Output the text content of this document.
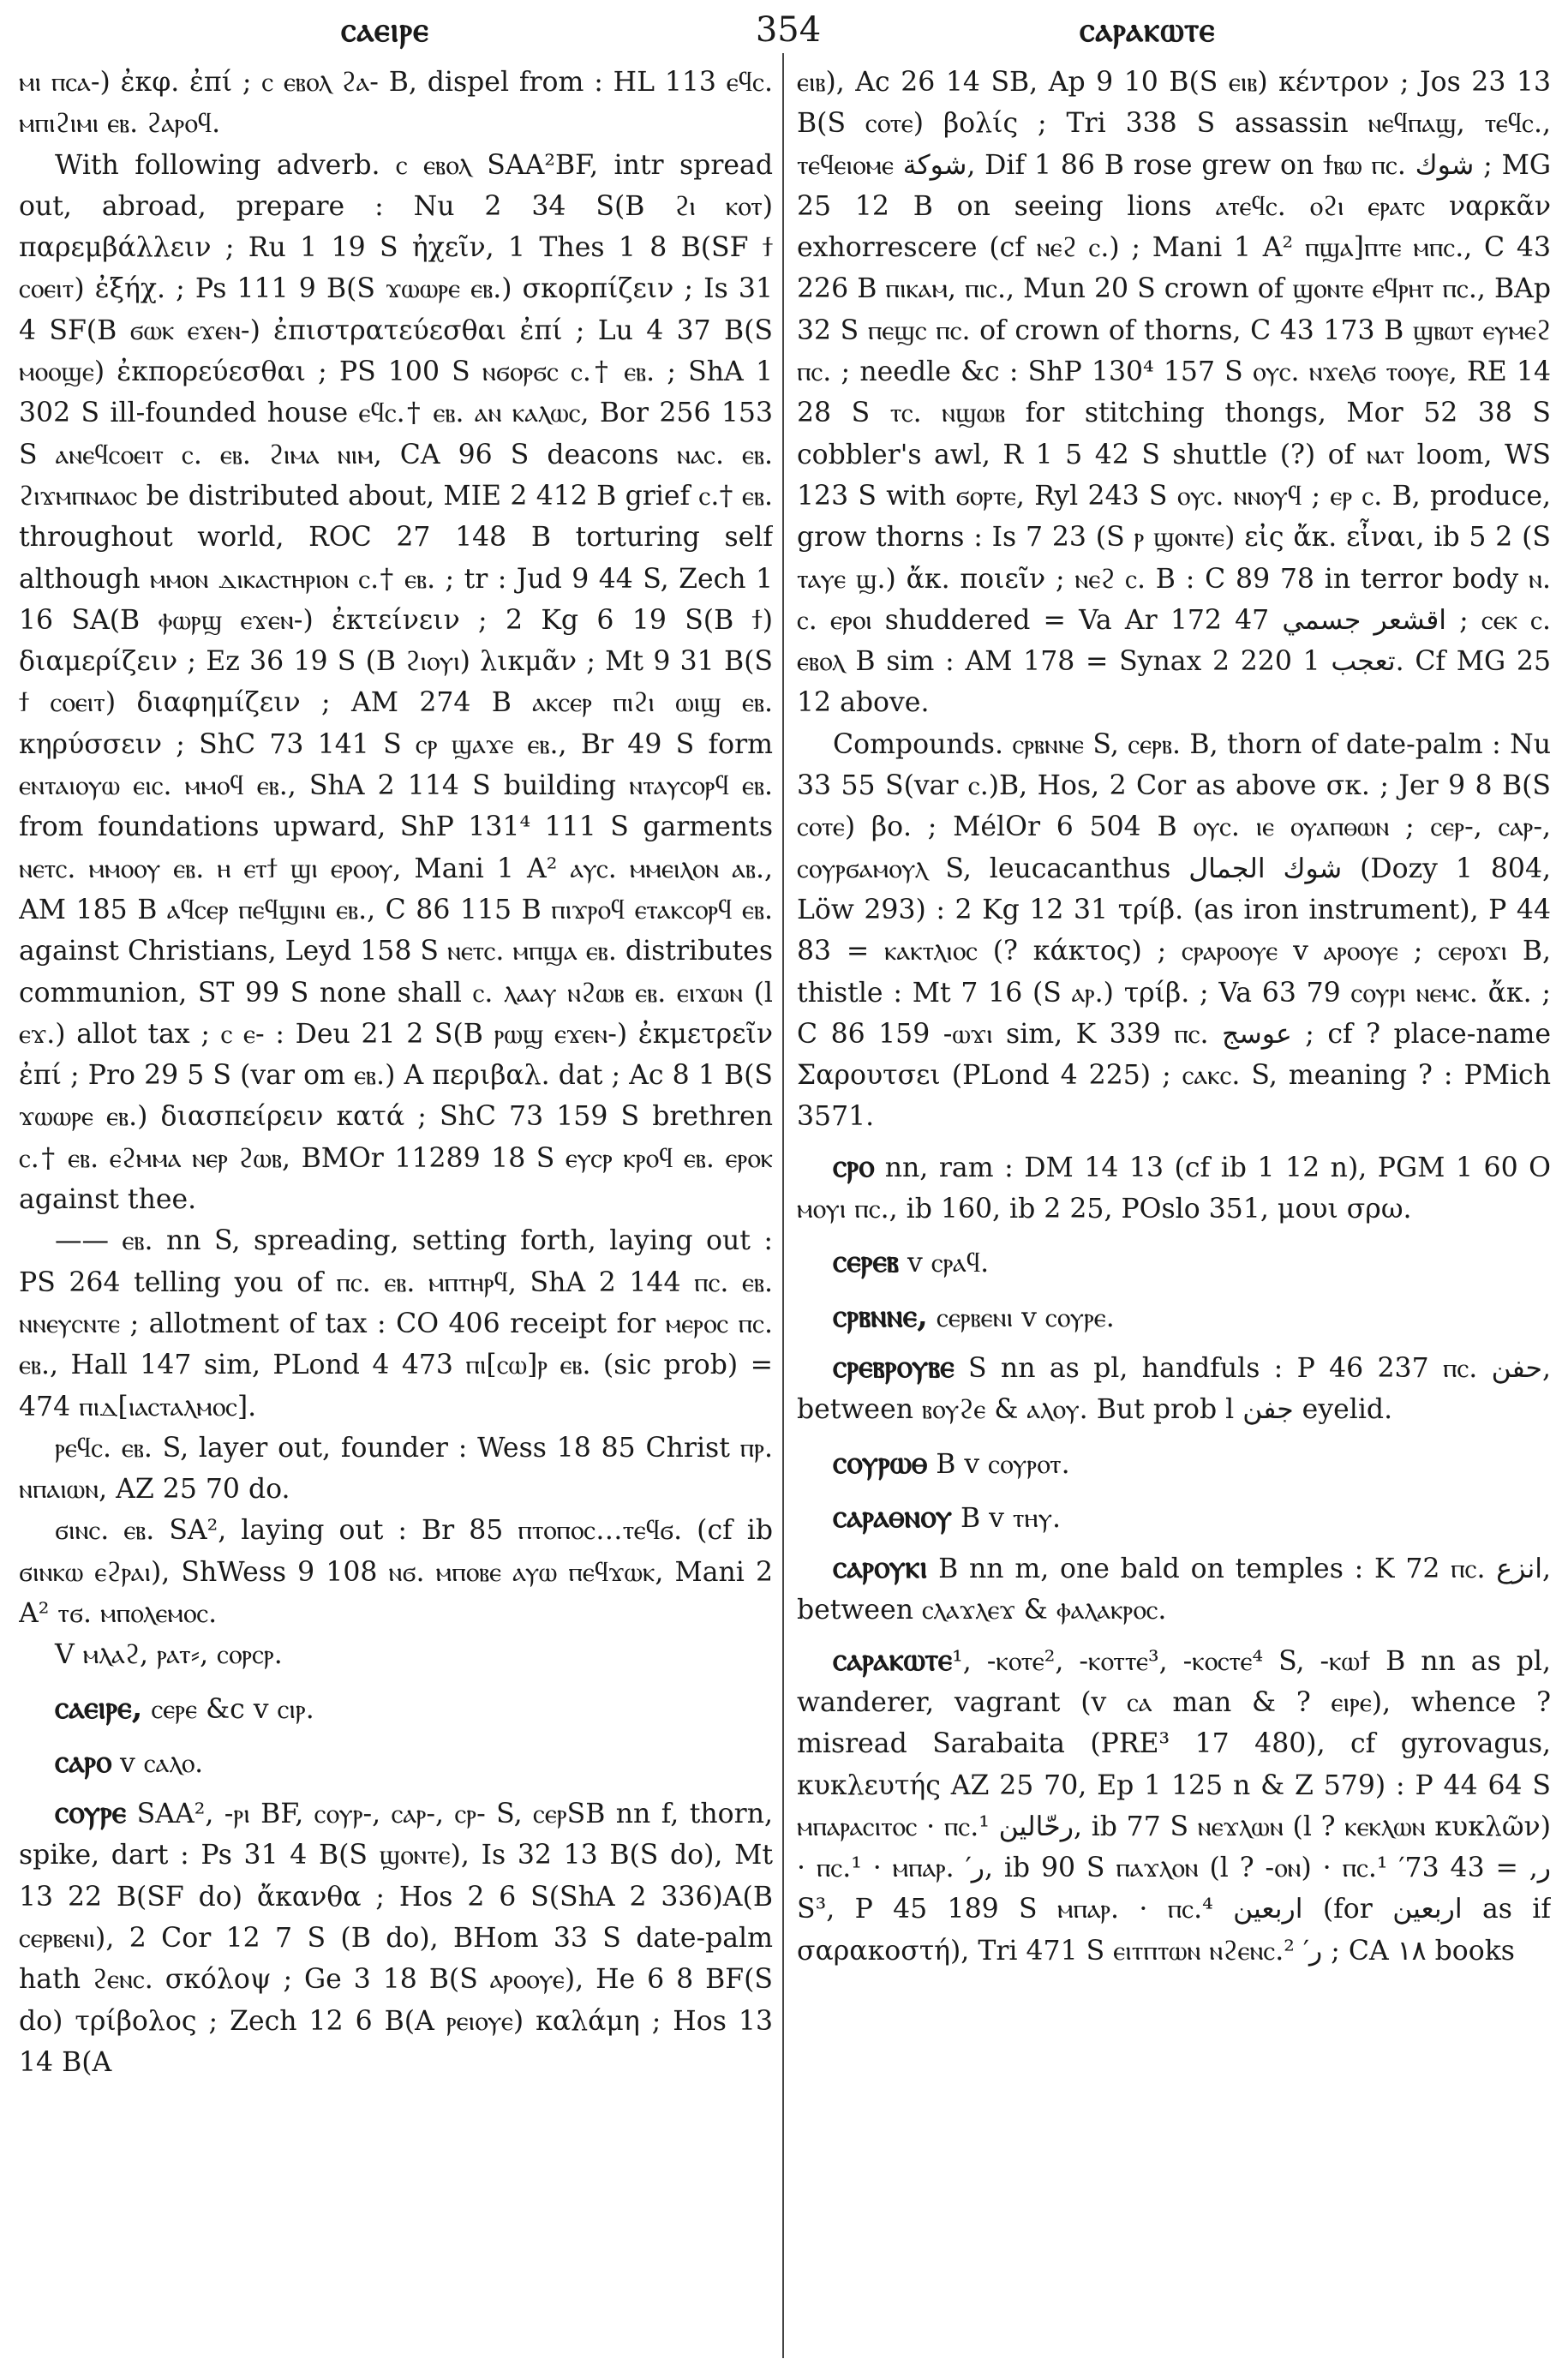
ⲥⲁⲉⲓⲣⲉ	354	ⲥⲁⲣⲁⲕⲱⲧⲉ

ⲙⲓ ⲡⲥⲁ-) ἐκφ. ἐπί ; ⲥ ⲉⲃⲟⲗ ϩⲁ- B, dispel from : HL 113 ⲉϥⲥ. ⲙⲡⲓϩⲓⲙⲓ ⲉⲃ. ϩⲁⲣⲟϥ.

With following adverb. ⲥ ⲉⲃⲟⲗ SAA²BF, intr spread out, abroad, prepare : Nu 2 34 S(B ϩⲓ ⲕⲟⲧ) παρεμβάλλειν ; Ru 1 19 S ἠχεῖν, 1 Thes 1 8 B(SF ϯ ⲥⲟⲉⲓⲧ) ἐξήχ. ; Ps 111 9 B(S ϫⲱⲱⲣⲉ ⲉⲃ.) σκορπίζειν ; Is 31 4 SF(B ϭⲱⲕ ⲉϫⲉⲛ-) ἐπιστρατεύεσθαι ἐπί ; Lu 4 37 B(S ⲙⲟⲟϣⲉ) ἐκπορεύεσθαι ; PS 100 S ⲛϭⲟⲣϭⲥ ⲥ.† ⲉⲃ. ; ShA 1 302 S ill-founded house ⲉϥⲥ.† ⲉⲃ. ⲁⲛ ⲕⲁⲗⲱⲥ, Bor 256 153 S ⲁⲛⲉϥⲥⲟⲉⲓⲧ ⲥ. ⲉⲃ. ϩⲓⲙⲁ ⲛⲓⲙ, CA 96 S deacons ⲛⲁⲥ. ⲉⲃ. ϩⲓϫⲙⲡⲛⲁⲟⲥ be distributed about, MIE 2 412 B grief ⲥ.† ⲉⲃ. throughout world, ROC 27 148 B torturing self although ⲙⲙⲟⲛ ⲇⲓⲕⲁⲥⲧⲏⲣⲓⲟⲛ ⲥ.† ⲉⲃ. ; tr : Jud 9 44 S, Zech 1 16 SA(B ⲫⲱⲣϣ ⲉϫⲉⲛ-) ἐκτείνειν ; 2 Kg 6 19 S(B ϯ) διαμερίζειν ; Ez 36 19 S (B ϩⲓⲟⲩⲓ) λικμᾶν ; Mt 9 31 B(S ϯ ⲥⲟⲉⲓⲧ) διαφημίζειν ; AM 274 B ⲁⲕⲥⲉⲣ ⲡⲓϩⲓ ⲱⲓϣ ⲉⲃ. κηρύσσειν ; ShC 73 141 S ⲥⲣ ϣⲁϫⲉ ⲉⲃ., Br 49 S form ⲉⲛⲧⲁⲓⲟⲩⲱ ⲉⲓⲥ. ⲙⲙⲟϥ ⲉⲃ., ShA 2 114 S building ⲛⲧⲁⲩⲥⲟⲣϥ ⲉⲃ. from foundations upward, ShP 131⁴ 111 S garments ⲛⲉⲧⲥ. ⲙⲙⲟⲟⲩ ⲉⲃ. ⲏ ⲉⲧϯ ϣⲓ ⲉⲣⲟⲟⲩ, Mani 1 A² ⲁⲩⲥ. ⲙⲙⲉⲓⲗⲟⲛ ⲁⲃ., AM 185 B ⲁϥⲥⲉⲣ ⲡⲉϥϣⲓⲛⲓ ⲉⲃ., C 86 115 B ⲡⲓϫⲣⲟϥ ⲉⲧⲁⲕⲥⲟⲣϥ ⲉⲃ. against Christians, Leyd 158 S ⲛⲉⲧⲥ. ⲙⲡϣⲁ ⲉⲃ. distributes communion, ST 99 S none shall ⲥ. ⲗⲁⲁⲩ ⲛϩⲱⲃ ⲉⲃ. ⲉⲓϫⲱⲛ (l ⲉϫ.) allot tax ; ⲥ ⲉ- : Deu 21 2 S(B ⲣⲱϣ ⲉϫⲉⲛ-) ἐκμετρεῖν ἐπί ; Pro 29 5 S (var om ⲉⲃ.) A περιβαλ. dat ; Ac 8 1 B(S ϫⲱⲱⲣⲉ ⲉⲃ.) διασπείρειν κατά ; ShC 73 159 S brethren ⲥ.† ⲉⲃ. ⲉϩⲙⲙⲁ ⲛⲉⲣ ϩⲱⲃ, BMOr 11289 18 S ⲉⲩⲥⲣ ⲕⲣⲟϥ ⲉⲃ. ⲉⲣⲟⲕ against thee.

—— ⲉⲃ. nn S, spreading, setting forth, laying out : PS 264 telling you of ⲡⲥ. ⲉⲃ. ⲙⲡⲧⲏⲣϥ, ShA 2 144 ⲡⲥ. ⲉⲃ. ⲛⲛⲉⲩⲥⲛⲧⲉ ; allotment of tax : CO 406 receipt for ⲙⲉⲣⲟⲥ ⲡⲥ. ⲉⲃ., Hall 147 sim, PLond 4 473 ⲡⲓ[ⲥⲱ]ⲣ ⲉⲃ. (sic prob) = 474 ⲡⲓⲇ[ⲓⲁⲥⲧⲁⲗⲙⲟⲥ].

ⲣⲉϥⲥ. ⲉⲃ. S, layer out, founder : Wess 18 85 Christ ⲡⲣ. ⲛⲡⲁⲓⲱⲛ, AZ 25 70 do.

ϭⲓⲛⲥ. ⲉⲃ. SA², laying out : Br 85 ⲡⲧⲟⲡⲟⲥ…ⲧⲉϥϭ. (cf ib ϭⲓⲛⲕⲱ ⲉϩⲣⲁⲓ), ShWess 9 108 ⲛϭ. ⲙⲡⲟⲃⲉ ⲁⲩⲱ ⲡⲉϥϫⲱⲕ, Mani 2 A² ⲧϭ. ⲙⲡⲟⲗⲉⲙⲟⲥ.

V ⲙⲗⲁϩ, ⲣⲁⲧ⸗, ⲥⲟⲣⲥⲣ.

ⲥⲁⲉⲓⲣⲉ, ⲥⲉⲣⲉ &c v ⲥⲓⲣ.

ⲥⲁⲣⲟ v ⲥⲁⲗⲟ.

ⲥⲟⲩⲣⲉ SAA², -ⲣⲓ BF, ⲥⲟⲩⲣ-, ⲥⲁⲣ-, ⲥⲣ- S, ⲥⲉⲣSB nn f, thorn, spike, dart : Ps 31 4 B(S ϣⲟⲛⲧⲉ), Is 32 13 B(S do), Mt 13 22 B(SF do) ἄκανθα ; Hos 2 6 S(ShA 2 336)A(B ⲥⲉⲣⲃⲉⲛⲓ), 2 Cor 12 7 S (B do), BHom 33 S date-palm hath ϩⲉⲛⲥ. σκόλοψ ; Ge 3 18 B(S ⲁⲣⲟⲟⲩⲉ), He 6 8 BF(S do) τρίβολος ; Zech 12 6 B(A ⲣⲉⲓⲟⲩⲉ) καλάμη ; Hos 13 14 B(A

ⲉⲓⲃ), Ac 26 14 SB, Ap 9 10 B(S ⲉⲓⲃ) κέντρον ; Jos 23 13 B(S ⲥⲟⲧⲉ) βολίς ; Tri 338 S assassin ⲛⲉϥⲡⲁϣ, ⲧⲉϥⲥ., ⲧⲉϥⲉⲓⲟⲙⲉ شوكة, Dif 1 86 B rose grew on ϯⲃⲱ ⲡⲥ. شوك ; MG 25 12 B on seeing lions ⲁⲧⲉϥⲥ. ⲟϩⲓ ⲉⲣⲁⲧⲥ ναρκᾶν exhorrescere (cf ⲛⲉϩ ⲥ.) ; Mani 1 A² ⲡϣⲁ]ⲡⲧⲉ ⲙⲡⲥ., C 43 226 B ⲡⲓⲕⲁⲙ, ⲡⲓⲥ., Mun 20 S crown of ϣⲟⲛⲧⲉ ⲉϥⲣⲏⲧ ⲡⲥ., BAp 32 S ⲡⲉϣⲥ ⲡⲥ. of crown of thorns, C 43 173 B ϣⲃⲱⲧ ⲉⲩⲙⲉϩ ⲡⲥ. ; needle &c : ShP 130⁴ 157 S ⲟⲩⲥ. ⲛϫⲉⲗϭ ⲧⲟⲟⲩⲉ, RE 14 28 S ⲧⲥ. ⲛϣⲱⲃ for stitching thongs, Mor 52 38 S cobbler's awl, R 1 5 42 S shuttle (?) of ⲛⲁⲧ loom, WS 123 S with ϭⲟⲣⲧⲉ, Ryl 243 S ⲟⲩⲥ. ⲛⲛⲟⲩϥ ; ⲉⲣ ⲥ. B, produce, grow thorns : Is 7 23 (S ⲣ ϣⲟⲛⲧⲉ) εἰς ἄκ. εἶναι, ib 5 2 (S ⲧⲁⲩⲉ ϣ.) ἄκ. ποιεῖν ; ⲛⲉϩ ⲥ. B : C 89 78 in terror body ⲛ. ⲥ. ⲉⲣⲟⲓ shuddered = Va Ar 172 47 اقشعر جسمي ; ⲥⲉⲕ ⲥ. ⲉⲃⲟⲗ B sim : AM 178 = Synax 2 220 1 تعجب. Cf MG 25 12 above.

Compounds. ⲥⲣⲃⲛⲛⲉ S, ⲥⲉⲣⲃ. B, thorn of date-palm : Nu 33 55 S(var ⲥ.)B, Hos, 2 Cor as above σκ. ; Jer 9 8 B(S ⲥⲟⲧⲉ) βο. ; MélOr 6 504 B ⲟⲩⲥ. ⲓⲉ ⲟⲩⲁⲡⲑⲱⲛ ; ⲥⲉⲣ-, ⲥⲁⲣ-, ⲥⲟⲩⲣϭⲁⲙⲟⲩⲗ S, leucacanthus شوك الجمال (Dozy 1 804, Löw 293) : 2 Kg 12 31 τρίβ. (as iron instrument), P 44 83 = ⲕⲁⲕⲧⲗⲓⲟⲥ (? κάκτος) ; ⲥⲣⲁⲣⲟⲟⲩⲉ v ⲁⲣⲟⲟⲩⲉ ; ⲥⲉⲣⲟϫⲓ B, thistle : Mt 7 16 (S ⲁⲣ.) τρίβ. ; Va 63 79 ⲥⲟⲩⲣⲓ ⲛⲉⲙⲥ. ἄκ. ; C 86 159 -ⲱϫⲓ sim, K 339 ⲡⲥ. عوسج ; cf ? place-name Σαρουτσει (PLond 4 225) ; ⲥⲁⲕⲥ. S, meaning ? : PMich 3571.

ⲥⲣⲟ nn, ram : DM 14 13 (cf ib 1 12 n), PGM 1 60 O ⲙⲟⲩⲓ ⲡⲥ., ib 160, ib 2 25, POslo 351, μουι σρω.

ⲥⲉⲣⲉⲃ v ⲥⲣⲁϥ.

ⲥⲣⲃⲛⲛⲉ, ⲥⲉⲣⲃⲉⲛⲓ v ⲥⲟⲩⲣⲉ.

ⲥⲣⲉⲃⲣⲟⲩⲃⲉ S nn as pl, handfuls : P 46 237 ⲡⲥ. حفن, between ⲃⲟⲩϩⲉ & ⲁⲗⲟⲩ. But prob l جفن eyelid.

ⲥⲟⲩⲣⲱⲑ B v ⲥⲟⲩⲣⲟⲧ.

ⲥⲁⲣⲁⲑⲛⲟⲩ B v ⲧⲏⲩ.

ⲥⲁⲣⲟⲩⲕⲓ B nn m, one bald on temples : K 72 ⲡⲥ. انزع, between ⲥⲗⲁϫⲗⲉϫ & ⲫⲁⲗⲁⲕⲣⲟⲥ.

ⲥⲁⲣⲁⲕⲱⲧⲉ¹, -ⲕⲟⲧⲉ², -ⲕⲟⲧⲧⲉ³, -ⲕⲟⲥⲧⲉ⁴ S, -ⲕⲱϯ B nn as pl, wanderer, vagrant (v ⲥⲁ man & ? ⲉⲓⲣⲉ), whence ?misread Sarabaita (PRE³ 17 480), cf gyrovagus, κυκλευτής AZ 25 70, Ep 1 125 n & Z 579) : P 44 64 S ⲙⲡⲁⲣⲁⲥⲓⲧⲟⲥ · ⲡⲥ.¹ رحّالين, ib 77 S ⲛⲉϫⲗⲱⲛ (l ? ⲕⲉⲕⲗⲱⲛ κυκλῶν) · ⲡⲥ.¹ · ⲙⲡⲁⲣ. ′ر, ib 90 S ⲡⲁϫⲗⲟⲛ (l ? -ⲟⲛ) · ⲡⲥ.¹ ′ر, = 43 73 S³, P 45 189 S ⲙⲡⲁⲣ. · ⲡⲥ.⁴ اربعين (for اربعين as if σαρακοστή), Tri 471 S ⲉⲓⲧⲡⲧⲱⲛ ⲛϩⲉⲛⲥ.² ′ر ; CA ١٨ books
